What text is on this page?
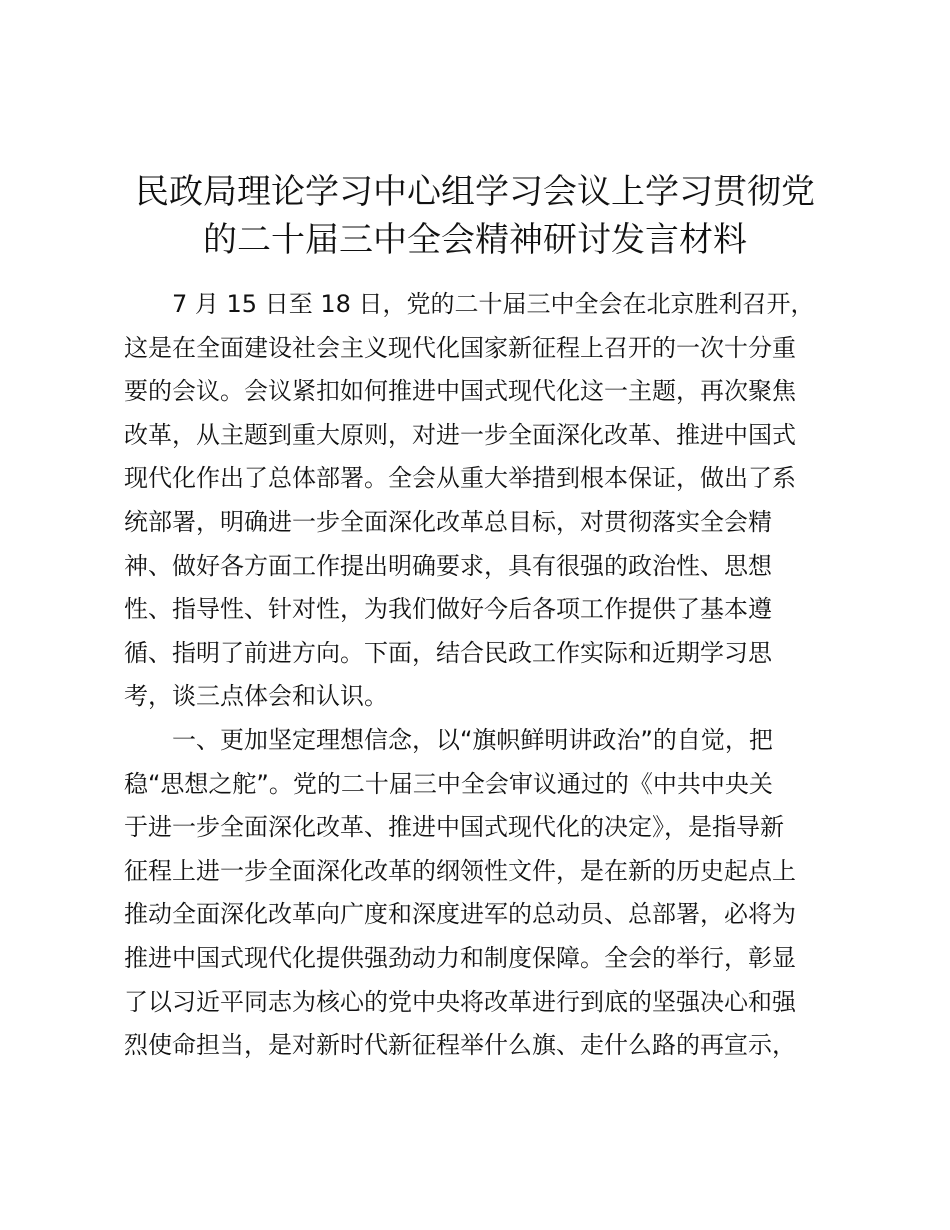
民政局理论学习中心组学习会议上学习贯彻党
的二十届三中全会精神研讨发言材料
7 月 15 日至 18 日，党的二十届三中全会在北京胜利召开，
这是在全面建设社会主义现代化国家新征程上召开的一次十分重
要的会议。会议紧扣如何推进中国式现代化这一主题，再次聚焦
改革，从主题到重大原则，对进一步全面深化改革、推进中国式
现代化作出了总体部署。全会从重大举措到根本保证，做出了系
统部署，明确进一步全面深化改革总目标，对贯彻落实全会精
神、做好各方面工作提出明确要求，具有很强的政治性、思想
性、指导性、针对性，为我们做好今后各项工作提供了基本遵
循、指明了前进方向。下面，结合民政工作实际和近期学习思
考，谈三点体会和认识。
一、更加坚定理想信念，以“旗帜鲜明讲政治”的自觉，把
稳“思想之舵”。党的二十届三中全会审议通过的《中共中央关
于进一步全面深化改革、推进中国式现代化的决定》，是指导新
征程上进一步全面深化改革的纲领性文件，是在新的历史起点上
推动全面深化改革向广度和深度进军的总动员、总部署，必将为
推进中国式现代化提供强劲动力和制度保障。全会的举行，彰显
了以习近平同志为核心的党中央将改革进行到底的坚强决心和强
烈使命担当，是对新时代新征程举什么旗、走什么路的再宣示，
